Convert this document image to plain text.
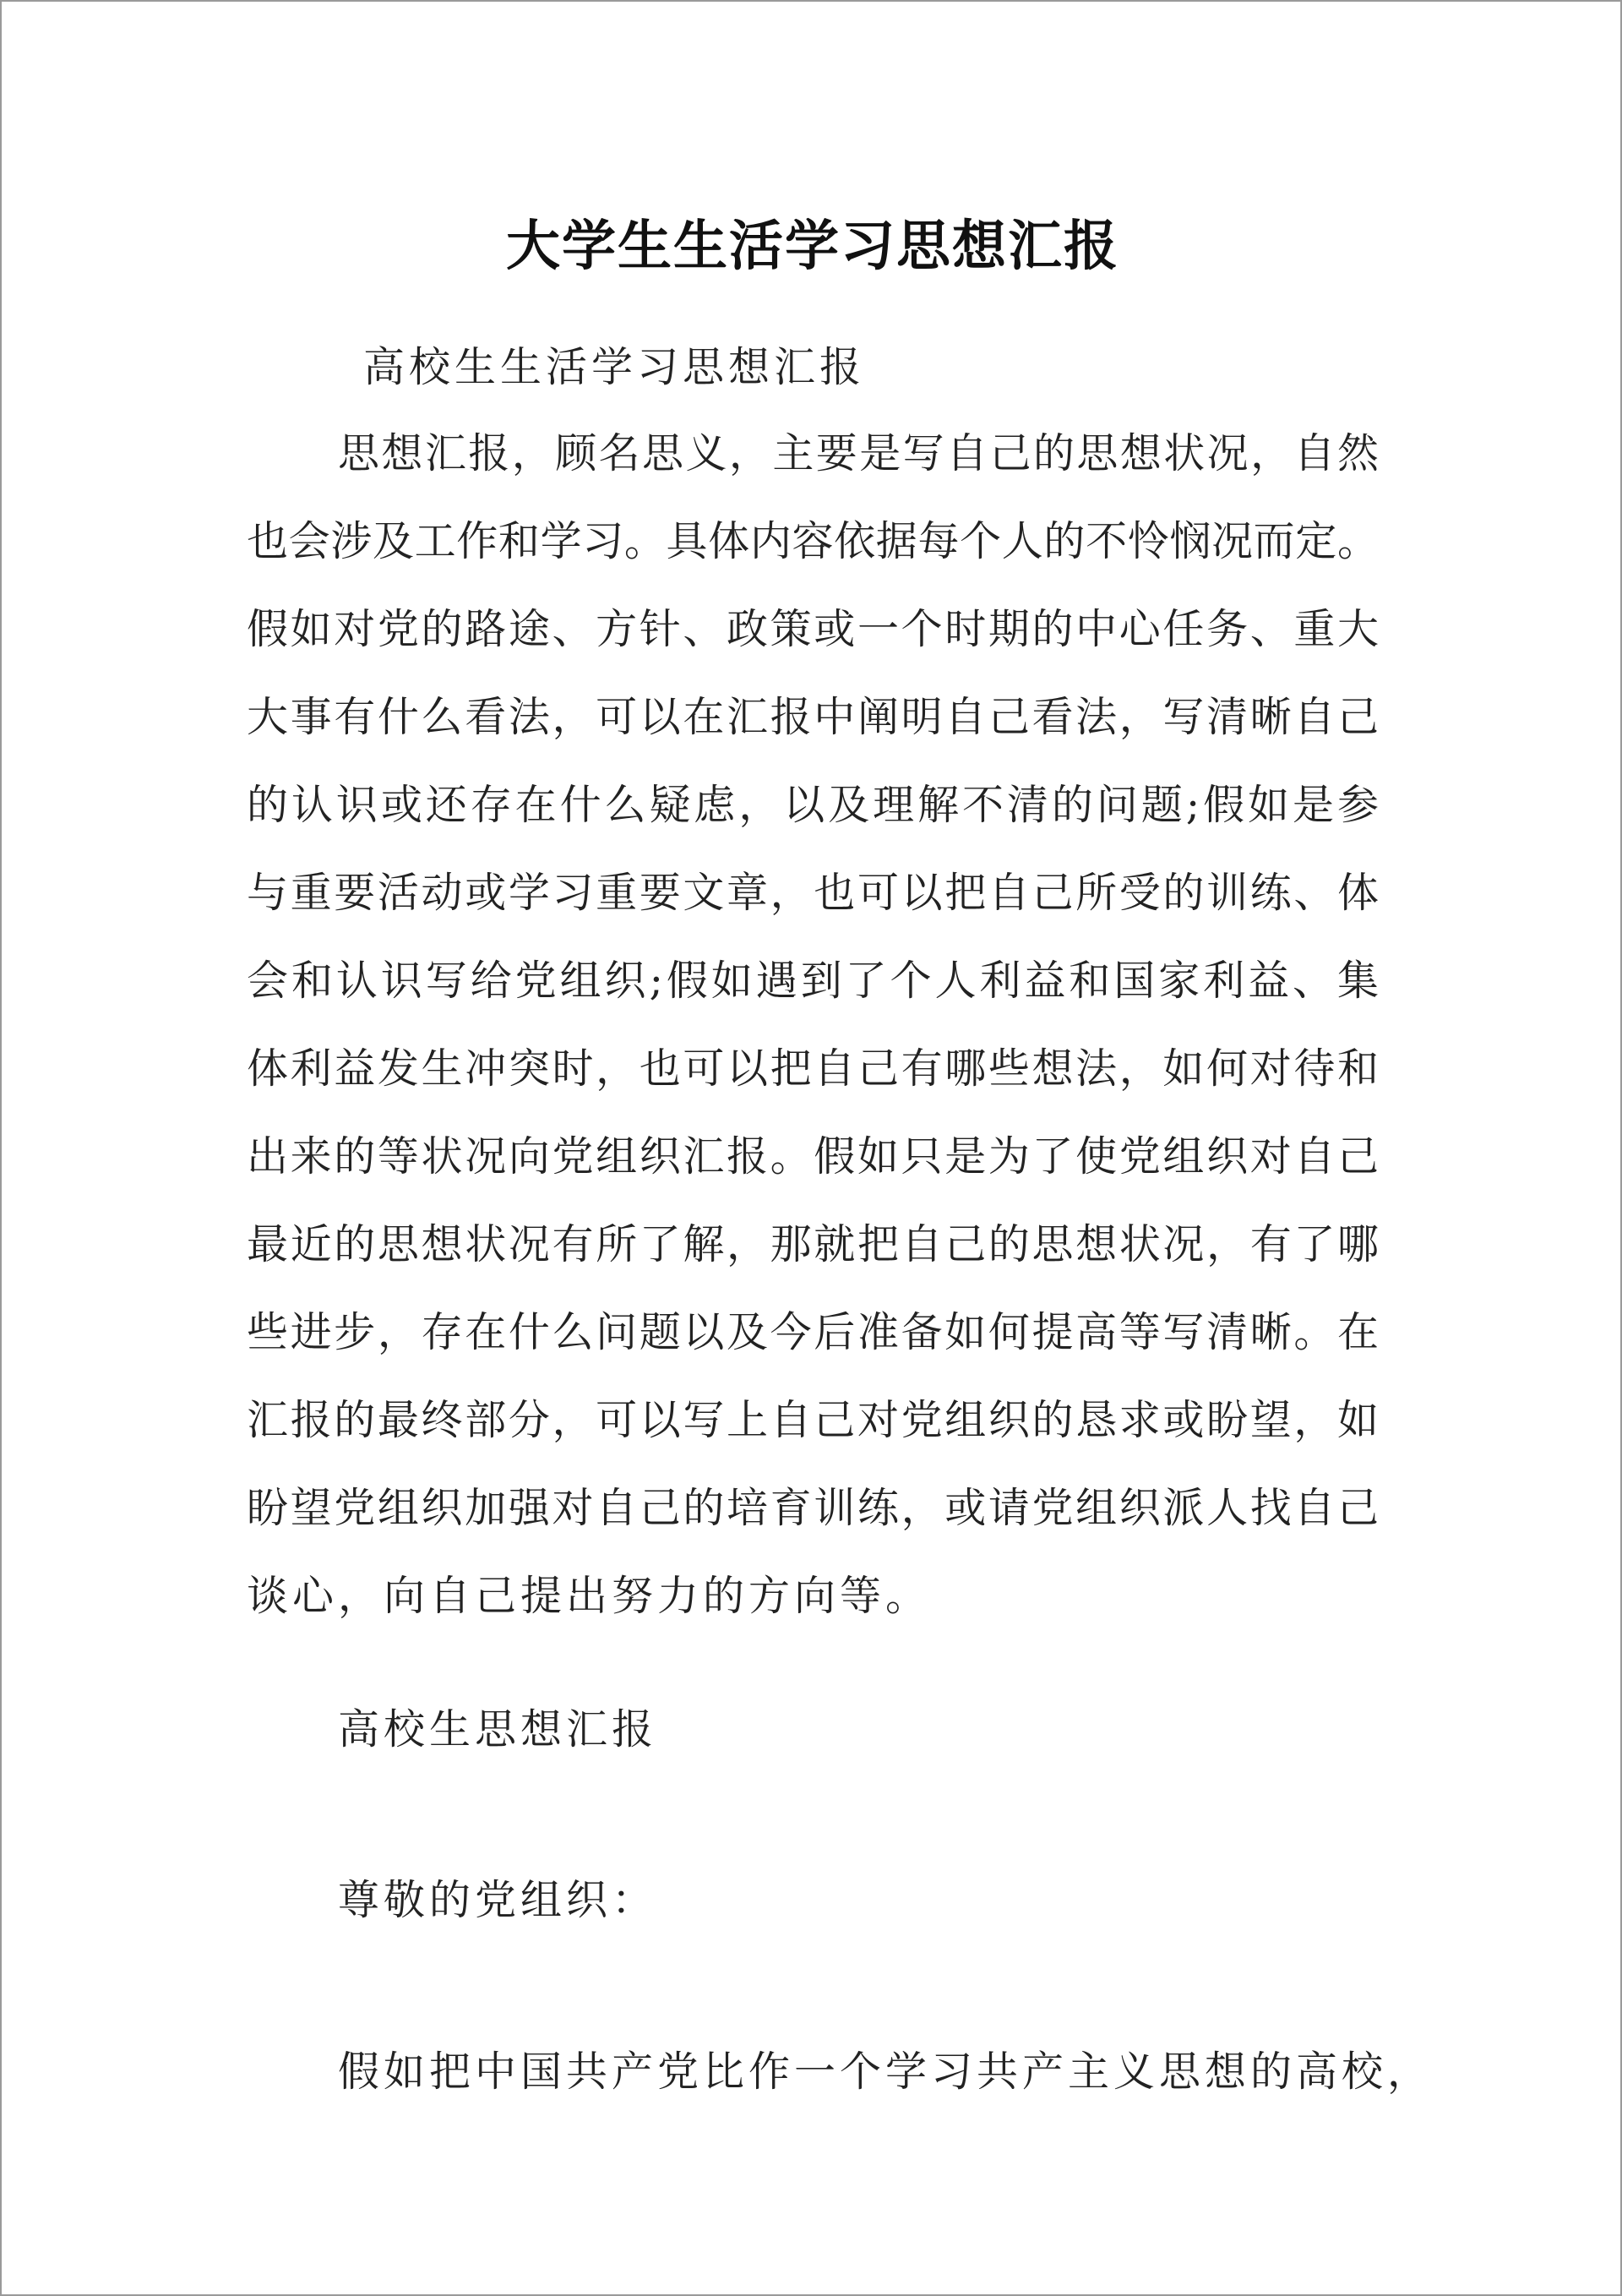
大学生生活学习思想汇报
高校生生活学习思想汇报
思想汇报，顾名思义，主要是写自己的思想状况，自然
也会涉及工作和学习。具体内容依据每个人的不怜悯况而定。
假如对党的路途、方针、政策或一个时期的中心任务、重大
大事有什么看法，可以在汇报中阐明自己看法，写清晰自己
的认识或还存在什么疑虑，以及理解不清的问题;假如是参
与重要活动或学习重要文章，也可以把自己所受的训练、体
会和认识写给党组织;假如遇到了个人利益和国家利益、集
体利益发生冲突时，也可以把自己有哪些想法，如何对待和
出来的等状况向党组织汇报。假如只是为了使党组织对自己
最近的思想状况有所了解，那就把自己的思想状况，有了哪
些进步，存在什么问题以及今后准备如何提高等写清晰。在
汇报的最终部分，可以写上自己对党组织的恳求或盼望，如
盼望党组织加强对自己的培育训练，或请党组织派人找自己
谈心，向自己提出努力的方向等。
高校生思想汇报
尊敬的党组织：
假如把中国共产党比作一个学习共产主义思想的高校，
